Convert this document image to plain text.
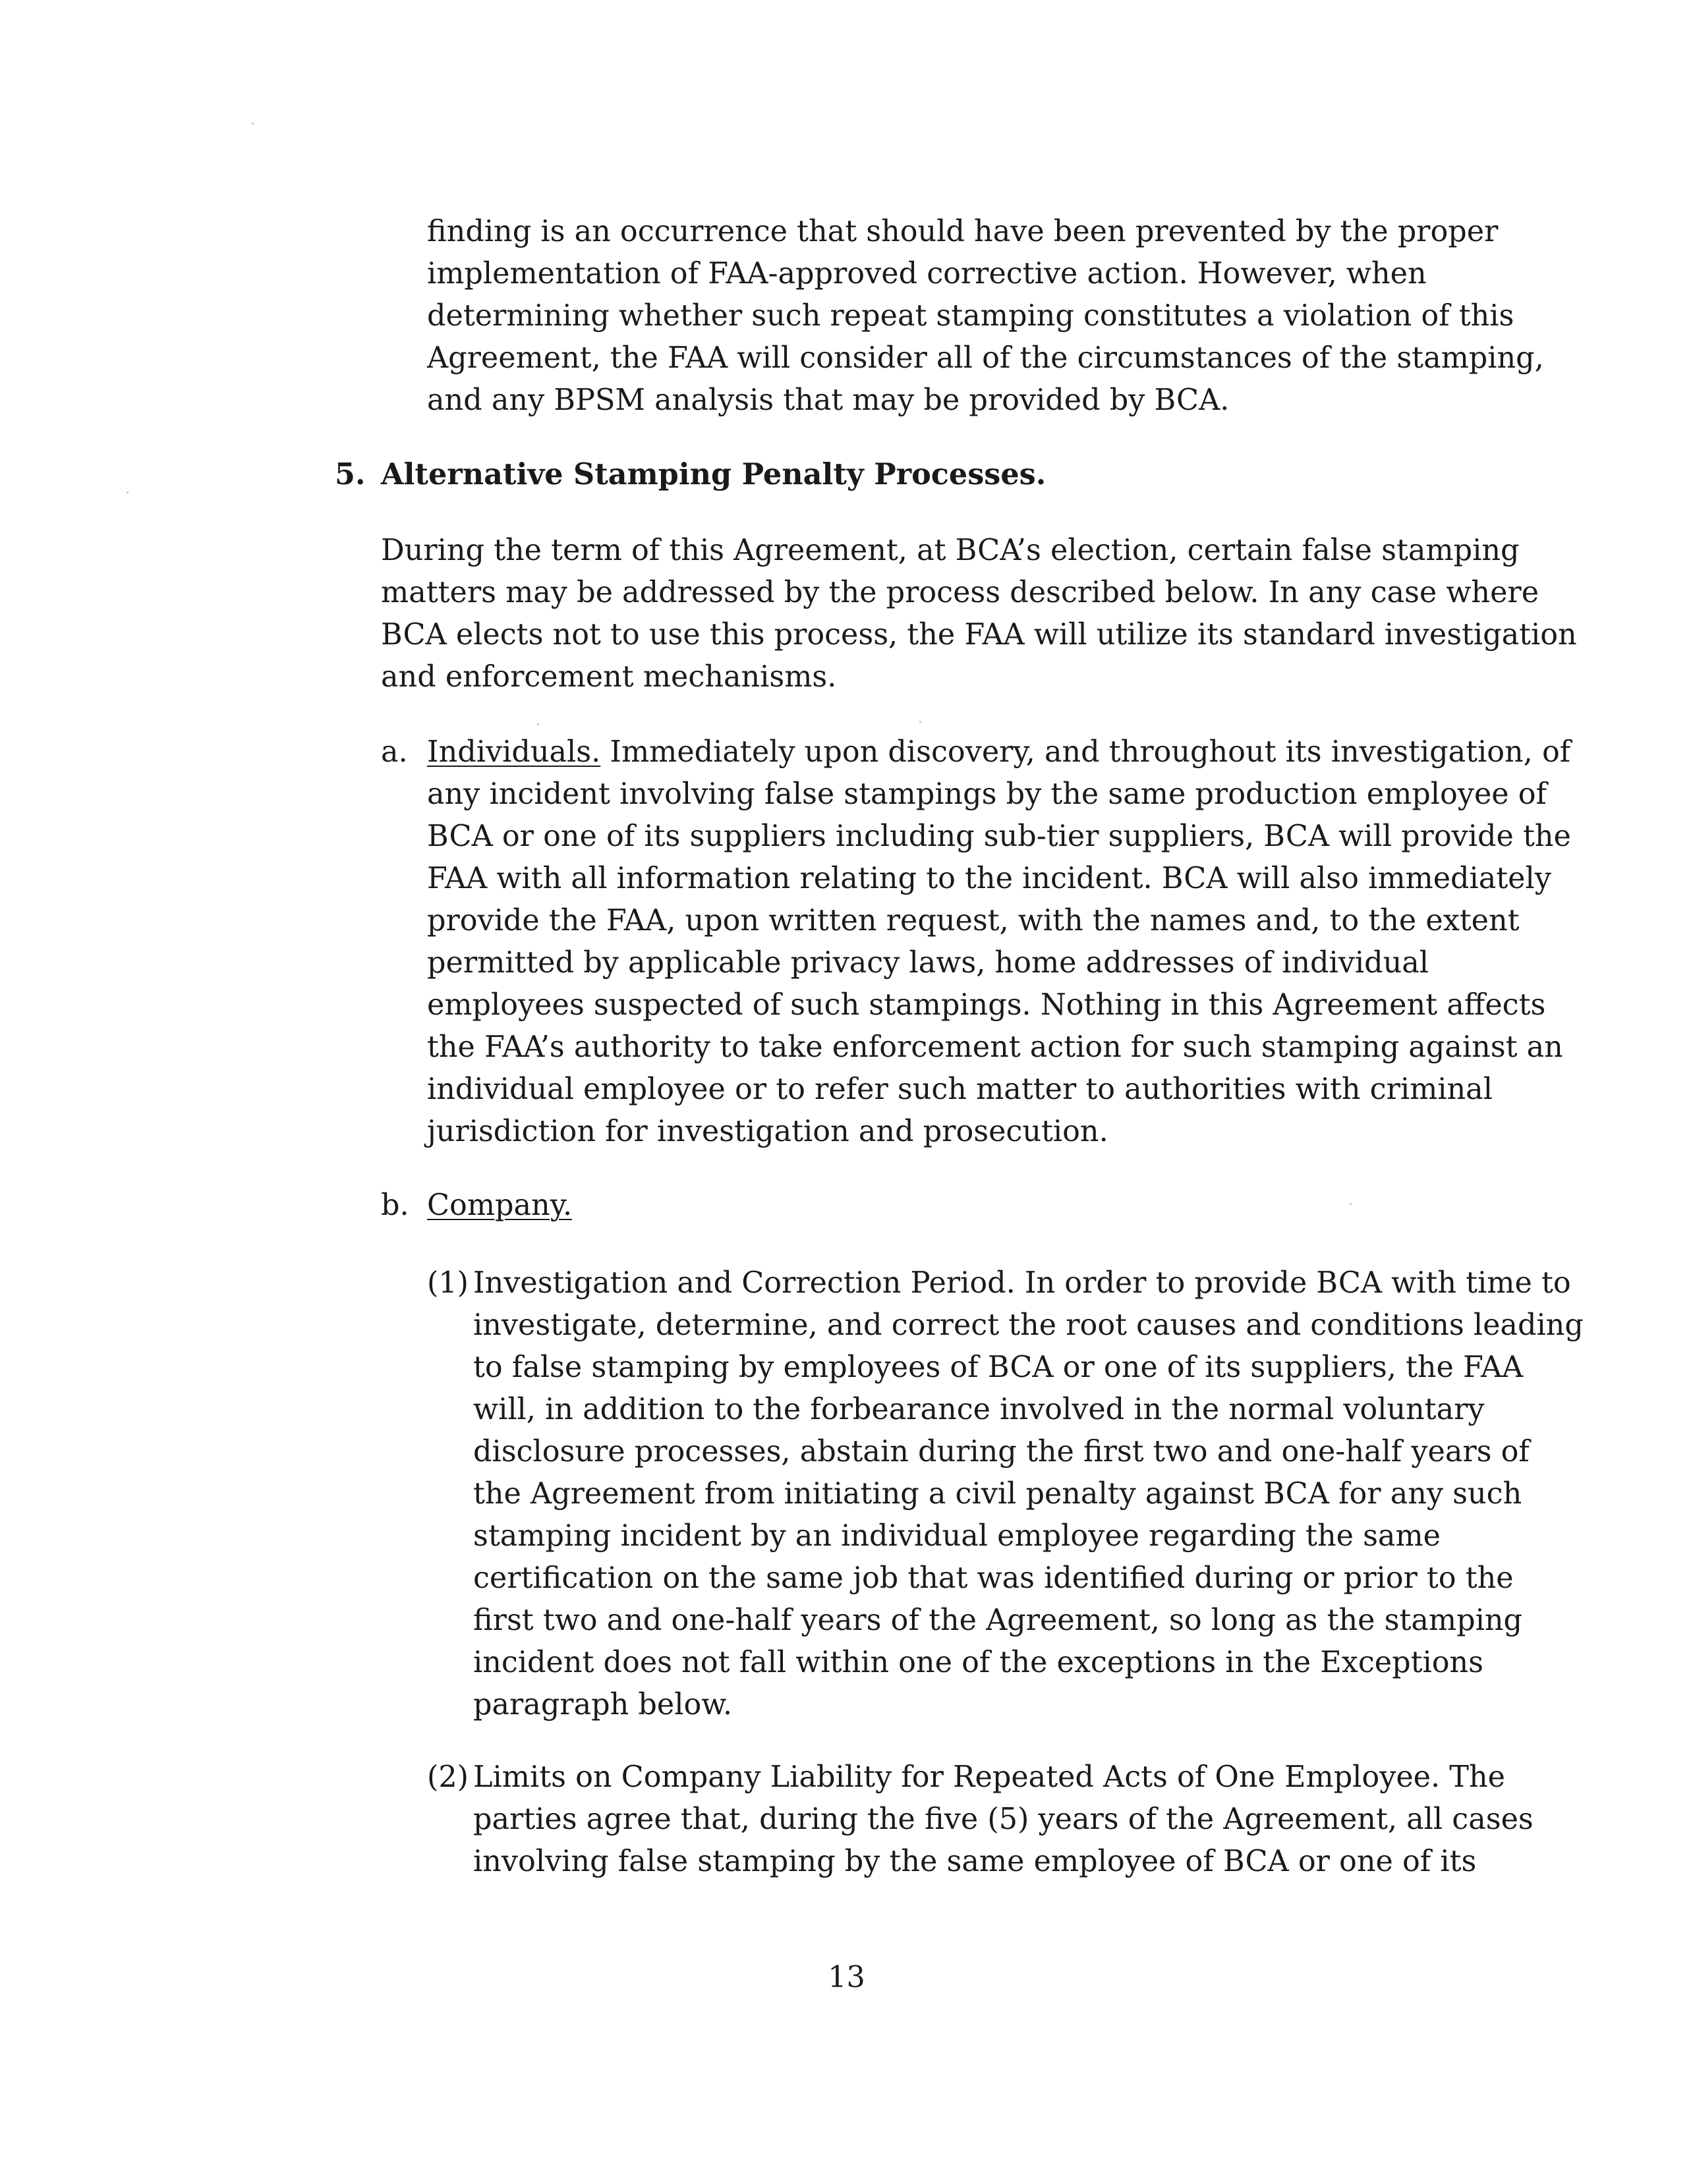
finding is an occurrence that should have been prevented by the proper
implementation of FAA-approved corrective action. However, when
determining whether such repeat stamping constitutes a violation of this
Agreement, the FAA will consider all of the circumstances of the stamping,
and any BPSM analysis that may be provided by BCA.
5. Alternative Stamping Penalty Processes.
During the term of this Agreement, at BCA’s election, certain false stamping
matters may be addressed by the process described below. In any case where
BCA elects not to use this process, the FAA will utilize its standard investigation
and enforcement mechanisms.
a. Individuals. Immediately upon discovery, and throughout its investigation, of
any incident involving false stampings by the same production employee of
BCA or one of its suppliers including sub-tier suppliers, BCA will provide the
FAA with all information relating to the incident. BCA will also immediately
provide the FAA, upon written request, with the names and, to the extent
permitted by applicable privacy laws, home addresses of individual
employees suspected of such stampings. Nothing in this Agreement affects
the FAA’s authority to take enforcement action for such stamping against an
individual employee or to refer such matter to authorities with criminal
jurisdiction for investigation and prosecution.
b. Company.
(1) Investigation and Correction Period. In order to provide BCA with time to
investigate, determine, and correct the root causes and conditions leading
to false stamping by employees of BCA or one of its suppliers, the FAA
will, in addition to the forbearance involved in the normal voluntary
disclosure processes, abstain during the first two and one-half years of
the Agreement from initiating a civil penalty against BCA for any such
stamping incident by an individual employee regarding the same
certification on the same job that was identified during or prior to the
first two and one-half years of the Agreement, so long as the stamping
incident does not fall within one of the exceptions in the Exceptions
paragraph below.
(2) Limits on Company Liability for Repeated Acts of One Employee. The
parties agree that, during the five (5) years of the Agreement, all cases
involving false stamping by the same employee of BCA or one of its
13
